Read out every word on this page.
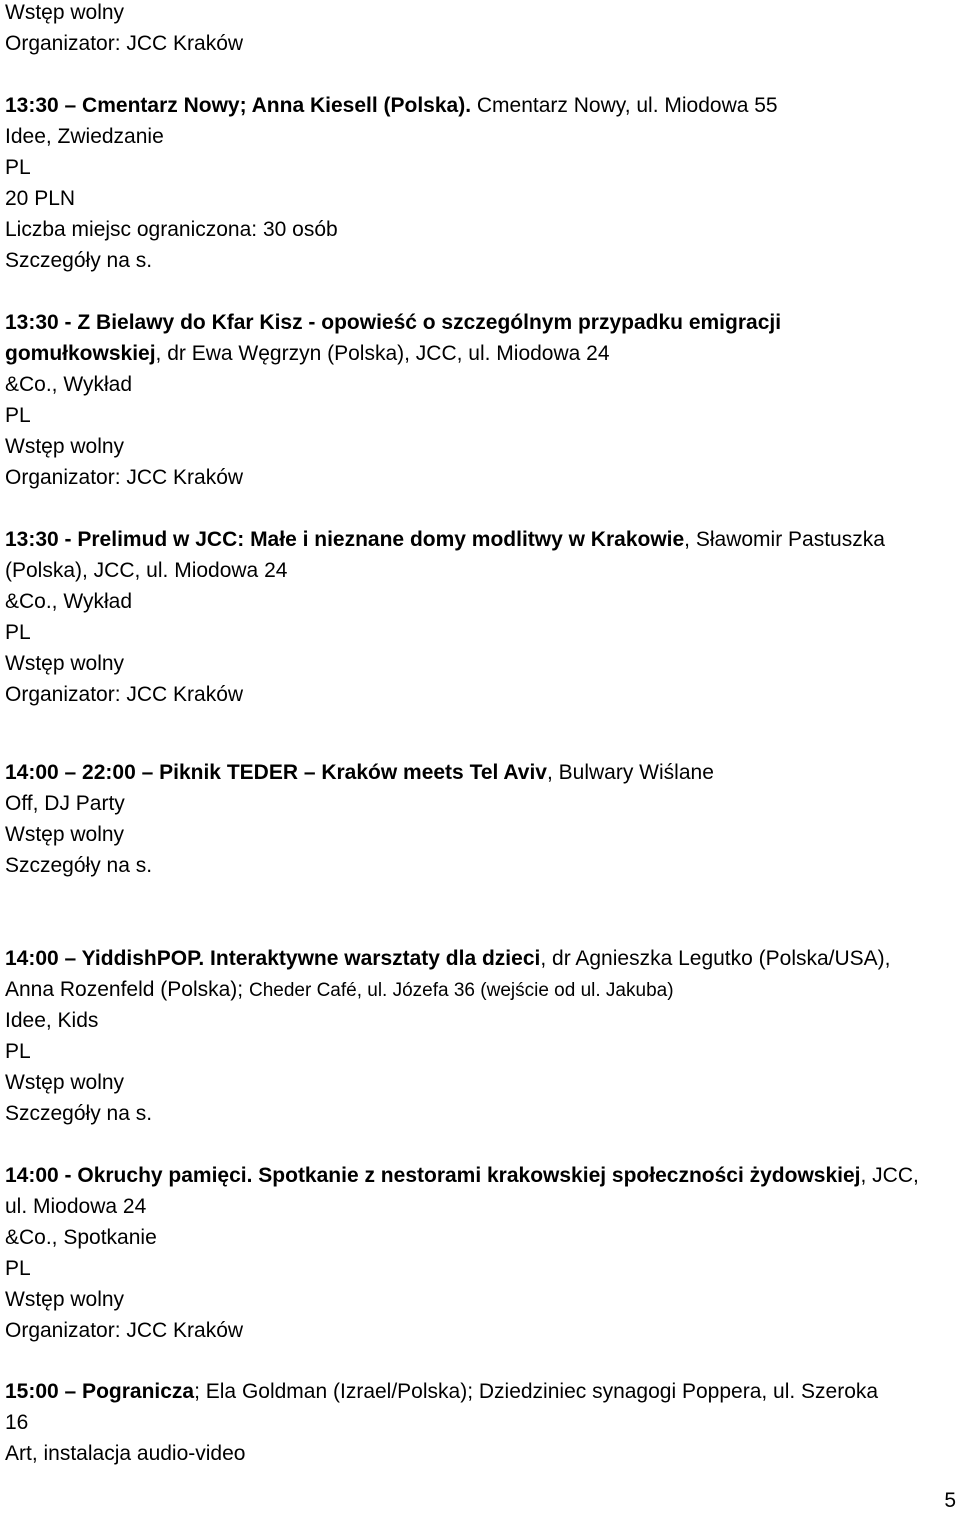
Wstęp wolny
Organizator: JCC Kraków
13:30 – Cmentarz Nowy; Anna Kiesell (Polska). Cmentarz Nowy, ul. Miodowa 55
Idee, Zwiedzanie
PL
20 PLN
Liczba miejsc ograniczona: 30 osób
Szczegóły na s.
13:30 - Z Bielawy do Kfar Kisz - opowieść o szczególnym przypadku emigracji
gomułkowskiej, dr Ewa Węgrzyn (Polska), JCC, ul. Miodowa 24
&Co., Wykład
PL
Wstęp wolny
Organizator: JCC Kraków
13:30 - Prelimud w JCC: Małe i nieznane domy modlitwy w Krakowie, Sławomir Pastuszka
(Polska), JCC, ul. Miodowa 24
&Co., Wykład
PL
Wstęp wolny
Organizator: JCC Kraków
14:00 – 22:00 – Piknik TEDER – Kraków meets Tel Aviv, Bulwary Wiślane
Off, DJ Party
Wstęp wolny
Szczegóły na s.
14:00 – YiddishPOP. Interaktywne warsztaty dla dzieci, dr Agnieszka Legutko (Polska/USA),
Anna Rozenfeld (Polska); Cheder Café, ul. Józefa 36 (wejście od ul. Jakuba)
Idee, Kids
PL
Wstęp wolny
Szczegóły na s.
14:00 - Okruchy pamięci. Spotkanie z nestorami krakowskiej społeczności żydowskiej, JCC,
ul. Miodowa 24
&Co., Spotkanie
PL
Wstęp wolny
Organizator: JCC Kraków
15:00 – Pogranicza; Ela Goldman (Izrael/Polska); Dziedziniec synagogi Poppera, ul. Szeroka
16
Art, instalacja audio-video
5
